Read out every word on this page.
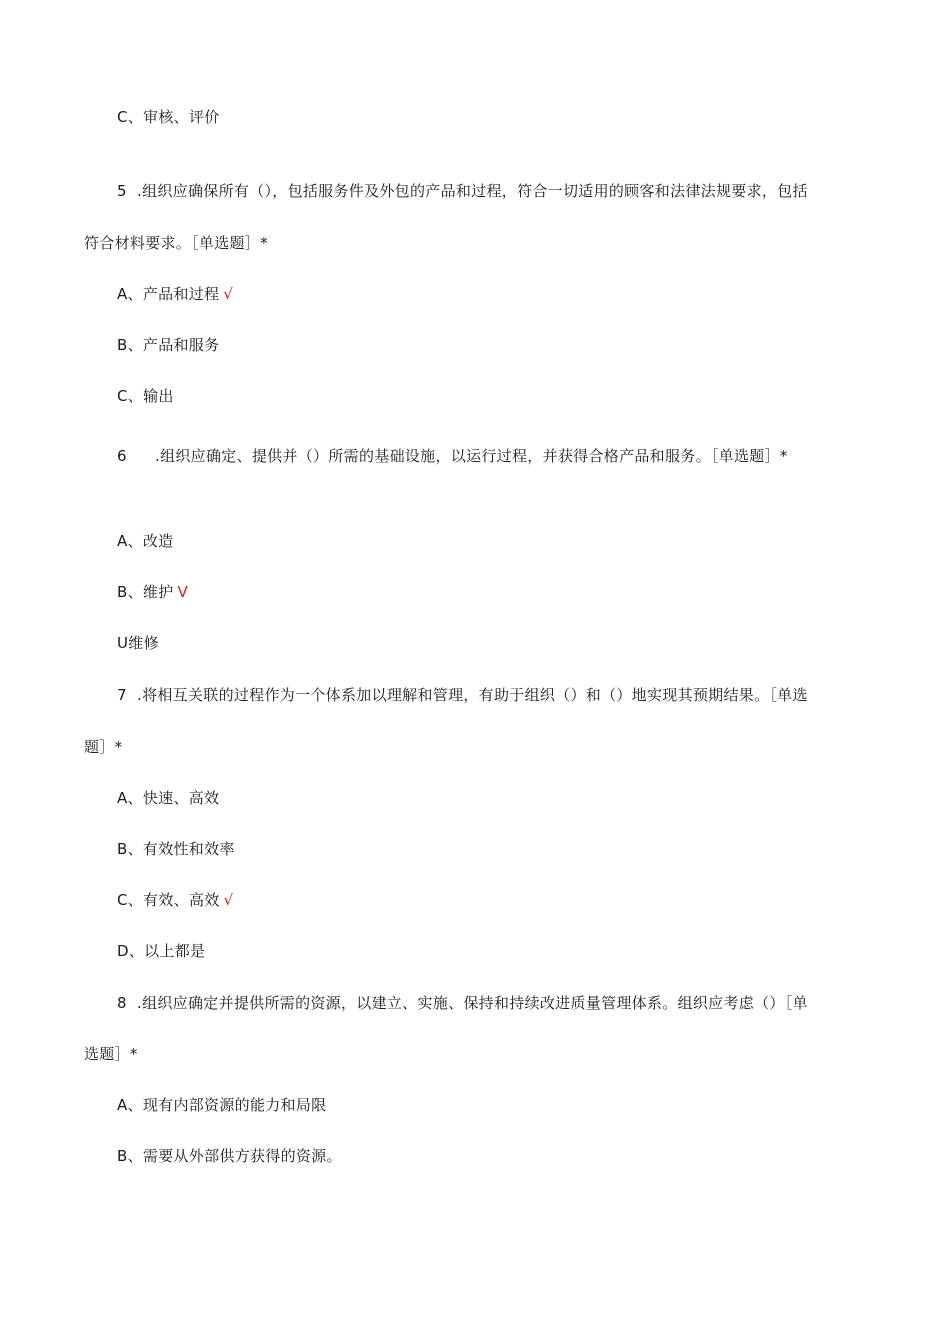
C、审核、评价
5 .组织应确保所有（），包括服务件及外包的产品和过程，符合一切适用的顾客和法律法规要求，包括
符合材料要求。［单选题］*
A、产品和过程 √
B、产品和服务
C、输出
6 .组织应确定、提供并（）所需的基础设施，以运行过程，并获得合格产品和服务。［单选题］*
A、改造
B、维护 V
U维修
7 .将相互关联的过程作为一个体系加以理解和管理，有助于组织（）和（）地实现其预期结果。［单选
题］*
A、快速、高效
B、有效性和效率
C、有效、高效 √
D、以上都是
8 .组织应确定并提供所需的资源，以建立、实施、保持和持续改进质量管理体系。组织应考虑（）［单
选题］*
A、现有内部资源的能力和局限
B、需要从外部供方获得的资源。
